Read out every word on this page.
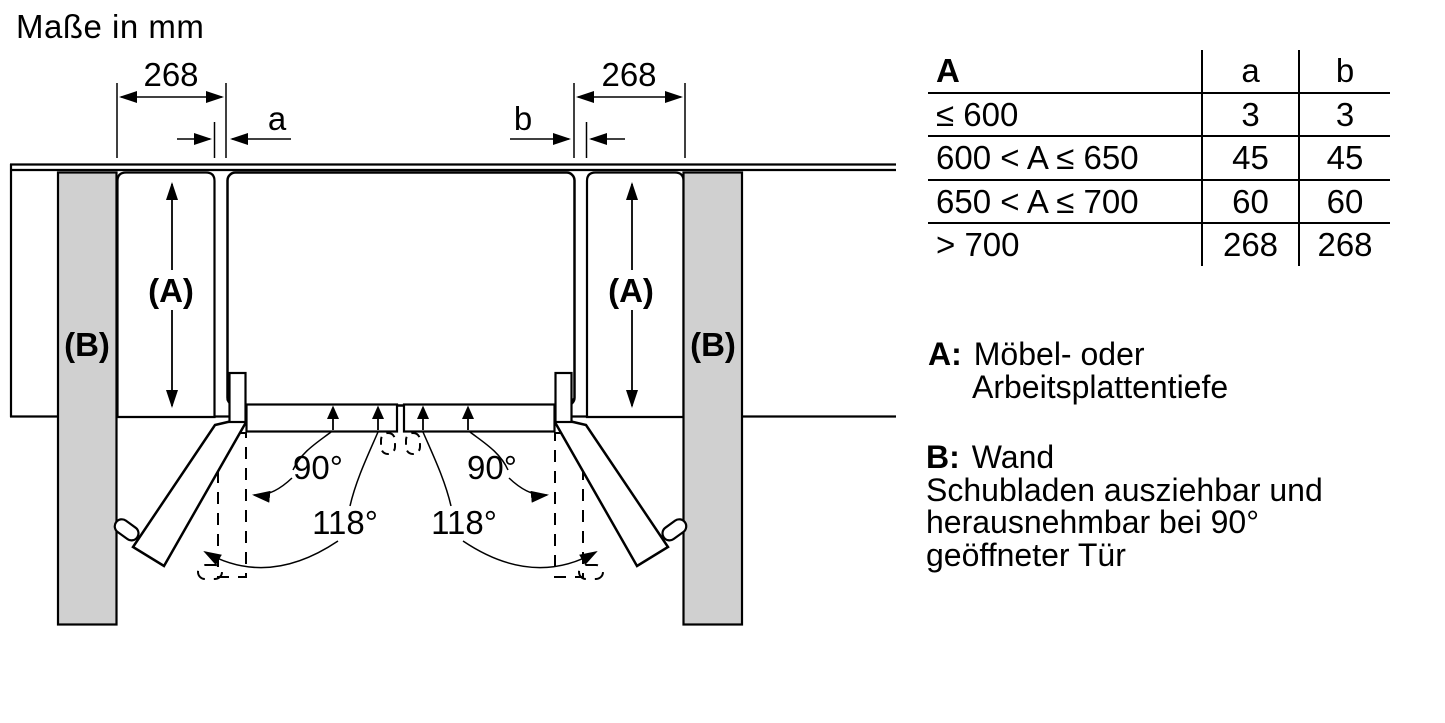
Maße in mm
268	268
a	b
(A)	(A)
(B)	(B)
90°	90°
118° 118°
A	a	b
≤ 600	3	3
600 < A ≤ 650	45	45
650 < A ≤ 700	60	60
> 700	268	268
A: Möbel- oder
Arbeitsplattentiefe
B: Wand
Schubladen ausziehbar und
herausnehmbar bei 90°
geöffneter Tür
